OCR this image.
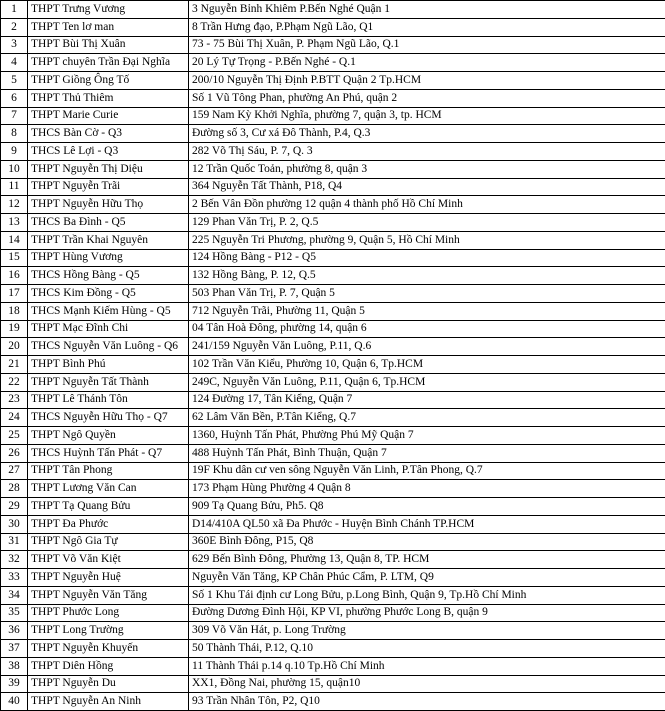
1	THPT Trưng Vương	3 Nguyễn Bỉnh Khiêm P.Bến Nghé Quận 1
2	THPT Ten lơ man	8 Trần Hưng đạo, P.Phạm Ngũ Lão, Q1
3	THPT Bùi Thị Xuân	73 - 75 Bùi Thị Xuân, P. Phạm Ngũ Lão, Q.1
4	THPT chuyên Trần Đại Nghĩa	20 Lý Tự Trọng - P.Bến Nghé - Q.1
5	THPT Giồng Ông Tố	200/10 Nguyễn Thị Định P.BTT Quận 2 Tp.HCM
6	THPT Thủ Thiêm	Số 1 Vũ Tông Phan, phường An Phú, quận 2
7	THPT Marie Curie	159 Nam Kỳ Khởi Nghĩa, phường 7, quận 3, tp. HCM
8	THCS Bàn Cờ - Q3	Đường số 3, Cư xá Đô Thành, P.4, Q.3
9	THCS Lê Lợi - Q3	282 Võ Thị Sáu, P. 7, Q. 3
10	THPT Nguyễn Thị Diệu	12 Trần Quốc Toản, phường 8, quận 3
11	THPT Nguyễn Trãi	364 Nguyễn Tất Thành, P18, Q4
12	THPT Nguyễn Hữu Thọ	2 Bến Vân Đồn phường 12 quận 4 thành phố Hồ Chí Minh
13	THCS Ba Đình - Q5	129 Phan Văn Trị, P. 2, Q.5
14	THPT Trần Khai Nguyên	225 Nguyễn Tri Phương, phường 9, Quận 5, Hồ Chí Minh
15	THPT Hùng Vương	124 Hồng Bàng - P12 - Q5
16	THCS Hồng Bàng - Q5	132 Hồng Bàng, P. 12, Q.5
17	THCS Kim Đồng - Q5	503 Phan Văn Trị, P. 7, Quận 5
18	THCS Mạnh Kiếm Hùng - Q5	712 Nguyễn Trãi, Phường 11, Quận 5
19	THPT Mạc Đĩnh Chi	04 Tân Hoà Đông, phường 14, quận 6
20	THCS Nguyễn Văn Luông - Q6	241/159 Nguyễn Văn Luông, P.11, Q.6
21	THPT Bình Phú	102 Trần Văn Kiểu, Phường 10, Quận 6, Tp.HCM
22	THPT Nguyễn Tất Thành	249C, Nguyễn Văn Luông, P.11, Quận 6, Tp.HCM
23	THPT Lê Thánh Tôn	124 Đường 17, Tân Kiểng, Quận 7
24	THCS Nguyễn Hữu Thọ - Q7	62 Lâm Văn Bền, P.Tân Kiểng, Q.7
25	THPT Ngô Quyền	1360, Huỳnh Tấn Phát, Phường Phú Mỹ Quận 7
26	THCS Huỳnh Tấn Phát - Q7	488 Huỳnh Tấn Phát, Bình Thuận, Quận 7
27	THPT Tân Phong	19F Khu dân cư ven sông Nguyễn Văn Linh, P.Tân Phong, Q.7
28	THPT Lương Văn Can	173 Phạm Hùng Phường 4 Quận 8
29	THPT Tạ Quang Bửu	909 Tạ Quang Bửu, Ph5. Q8
30	THPT Đa Phước	D14/410A QL50 xã Đa Phước - Huyện Bình Chánh TP.HCM
31	THPT Ngô Gia Tự	360E Bình Đông, P15, Q8
32	THPT Võ Văn Kiệt	629 Bến Bình Đông, Phường 13, Quận 8, TP. HCM
33	THPT Nguyễn Huệ	Nguyễn Văn Tăng, KP Chân Phúc Cẩm, P. LTM, Q9
34	THPT Nguyễn Văn Tăng	Số 1 Khu Tái định cư Long Bửu, p.Long Bình, Quận 9, Tp.Hồ Chí Minh
35	THPT Phước Long	Đường Dương Đình Hội, KP VI, phường Phước Long B, quận 9
36	THPT Long Trường	309 Võ Văn Hát, p. Long Trường
37	THPT Nguyễn Khuyến	50 Thành Thái, P.12, Q.10
38	THPT Diên Hồng	11 Thành Thái p.14 q.10 Tp.Hồ Chí Minh
39	THPT Nguyễn Du	XX1, Đồng Nai, phường 15, quận10
40	THPT Nguyễn An Ninh	93 Trần Nhân Tôn, P2, Q10
